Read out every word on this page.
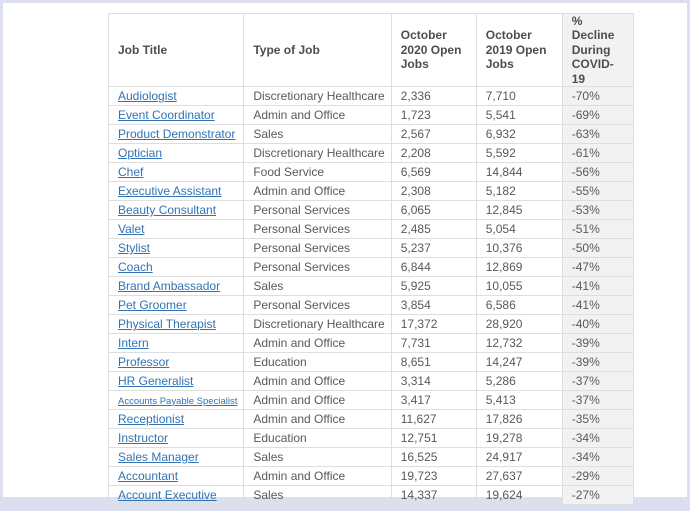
Job Title	Type of Job	October 2020 Open Jobs	October 2019 Open Jobs	% Decline During COVID-19
Audiologist	Discretionary Healthcare	2,336	7,710	-70%
Event Coordinator	Admin and Office	1,723	5,541	-69%
Product Demonstrator	Sales	2,567	6,932	-63%
Optician	Discretionary Healthcare	2,208	5,592	-61%
Chef	Food Service	6,569	14,844	-56%
Executive Assistant	Admin and Office	2,308	5,182	-55%
Beauty Consultant	Personal Services	6,065	12,845	-53%
Valet	Personal Services	2,485	5,054	-51%
Stylist	Personal Services	5,237	10,376	-50%
Coach	Personal Services	6,844	12,869	-47%
Brand Ambassador	Sales	5,925	10,055	-41%
Pet Groomer	Personal Services	3,854	6,586	-41%
Physical Therapist	Discretionary Healthcare	17,372	28,920	-40%
Intern	Admin and Office	7,731	12,732	-39%
Professor	Education	8,651	14,247	-39%
HR Generalist	Admin and Office	3,314	5,286	-37%
Accounts Payable Specialist	Admin and Office	3,417	5,413	-37%
Receptionist	Admin and Office	11,627	17,826	-35%
Instructor	Education	12,751	19,278	-34%
Sales Manager	Sales	16,525	24,917	-34%
Accountant	Admin and Office	19,723	27,637	-29%
Account Executive	Sales	14,337	19,624	-27%
